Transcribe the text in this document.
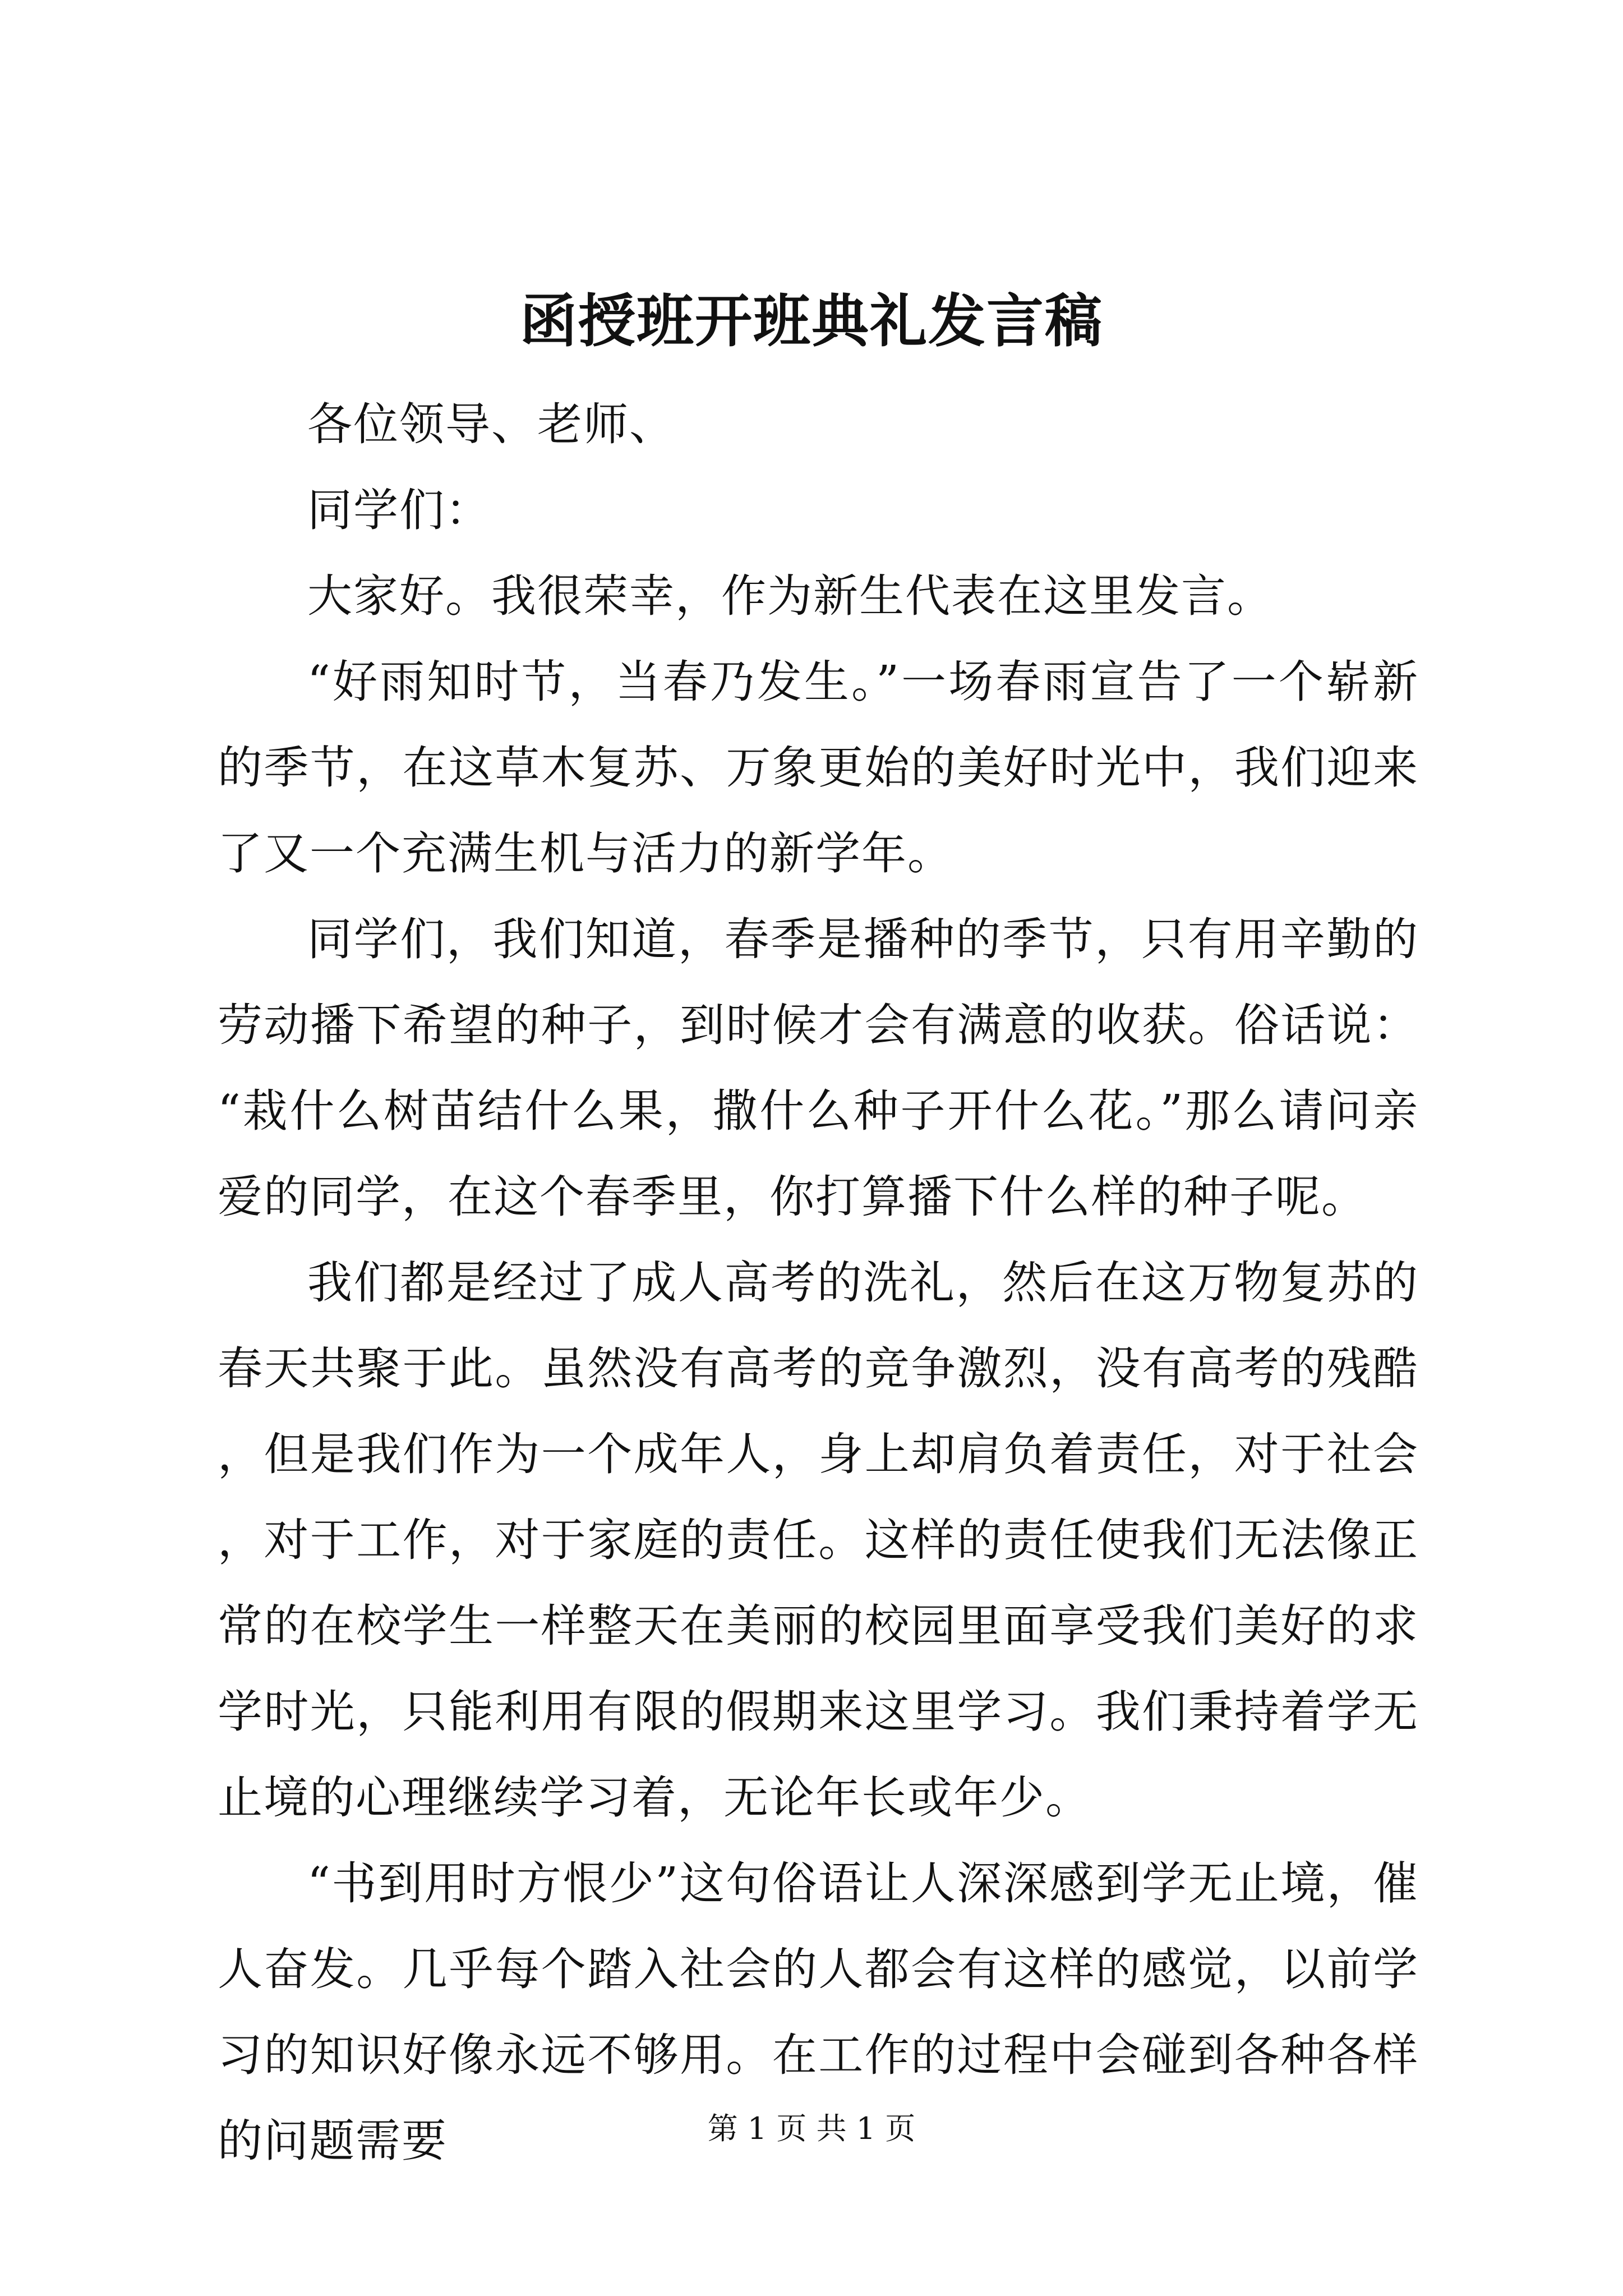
函授班开班典礼发言稿

各位领导、老师、

同学们：

大家好。我很荣幸，作为新生代表在这里发言。

“好雨知时节，当春乃发生。”一场春雨宣告了一个崭新的季节，在这草木复苏、万象更始的美好时光中，我们迎来了又一个充满生机与活力的新学年。

同学们，我们知道，春季是播种的季节，只有用辛勤的劳动播下希望的种子，到时候才会有满意的收获。俗话说：“栽什么树苗结什么果，撒什么种子开什么花。”那么请问亲爱的同学，在这个春季里，你打算播下什么样的种子呢。

我们都是经过了成人高考的洗礼，然后在这万物复苏的春天共聚于此。虽然没有高考的竞争激烈，没有高考的残酷，但是我们作为一个成年人，身上却肩负着责任，对于社会，对于工作，对于家庭的责任。这样的责任使我们无法像正常的在校学生一样整天在美丽的校园里面享受我们美好的求学时光，只能利用有限的假期来这里学习。我们秉持着学无止境的心理继续学习着，无论年长或年少。

“书到用时方恨少”这句俗语让人深深感到学无止境，催人奋发。几乎每个踏入社会的人都会有这样的感觉，以前学习的知识好像永远不够用。在工作的过程中会碰到各种各样的问题需要	第 1 页 共 1 页
